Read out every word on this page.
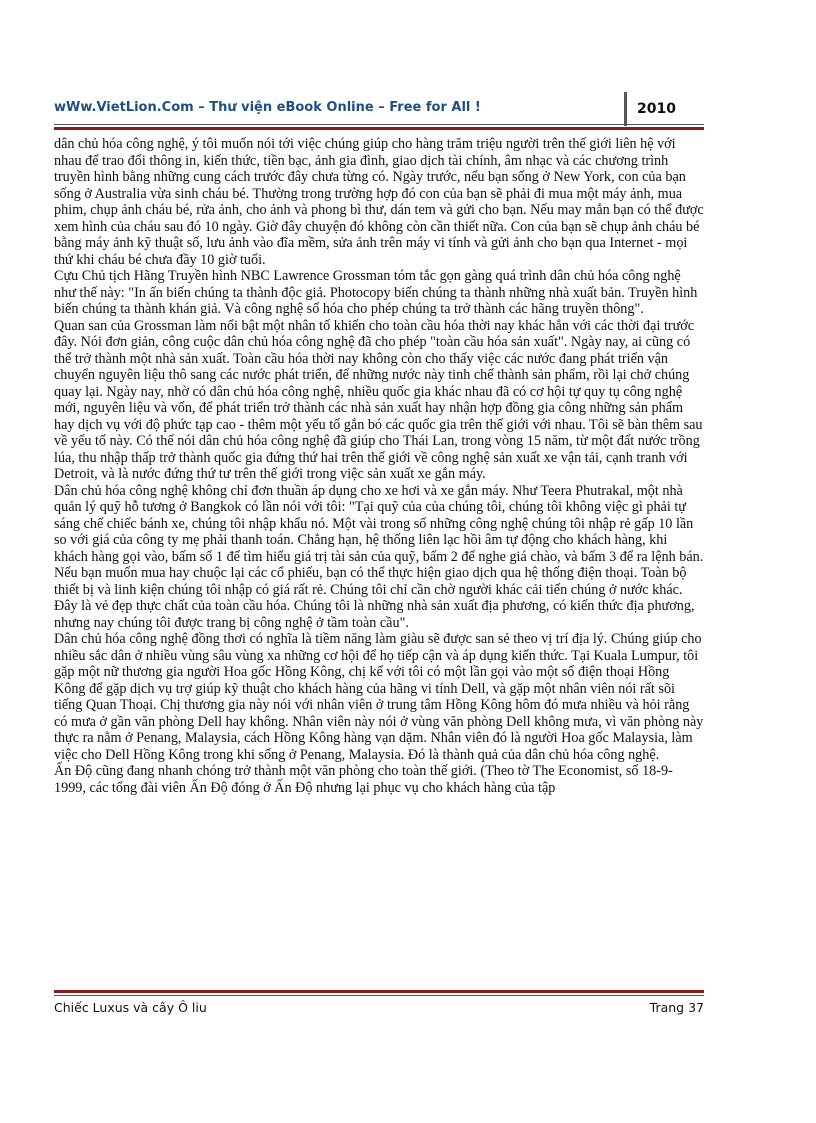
wWw.VietLion.Com – Thư viện eBook Online – Free for All !	2010

dân chủ hóa công nghệ, ý tôi muốn nói tới việc chúng giúp cho hàng trăm triệu người trên thế giới liên hệ với nhau để trao đổi thông in, kiến thức, tiền bạc, ảnh gia đình, giao dịch tài chính, âm nhạc và các chương trình truyền hình bằng những cung cách trước đây chưa từng có. Ngày trước, nếu bạn sống ở New York, con của bạn sống ở Australia vừa sinh cháu bé. Thường trong trường hợp đó con của bạn sẽ phải đi mua một máy ảnh, mua phim, chụp ảnh cháu bé, rửa ảnh, cho ảnh và phong bì thư, dán tem và gửi cho bạn. Nếu may mắn bạn có thể được xem hình của cháu sau đó 10 ngày. Giờ đây chuyện đó không còn cần thiết nữa. Con của bạn sẽ chụp ảnh cháu bé bằng máy ảnh kỹ thuật số, lưu ảnh vào đĩa mềm, sửa ảnh trên máy vi tính và gửi ảnh cho bạn qua Internet - mọi thứ khi cháu bé chưa đầy 10 giờ tuổi.

Cựu Chủ tịch Hãng Truyền hình NBC Lawrence Grossman tóm tắc gọn gàng quá trình dân chủ hóa công nghệ như thế này: "In ấn biến chúng ta thành độc giả. Photocopy biến chúng ta thành những nhà xuất bản. Truyền hình biến chúng ta thành khán giả. Và công nghệ số hóa cho phép chúng ta trở thành các hãng truyền thông".

Quan san của Grossman làm nổi bật một nhân tố khiến cho toàn cầu hóa thời nay khác hẳn với các thời đại trước đây. Nói đơn giản, công cuộc dân chủ hóa công nghệ đã cho phép "toàn cầu hóa sản xuất". Ngày nay, ai cũng có thể trở thành một nhà sản xuất. Toàn cầu hóa thời nay không còn cho thấy việc các nước đang phát triển vận chuyển nguyên liệu thô sang các nước phát triển, để những nước này tinh chế thành sản phẩm, rồi lại chở chúng quay lại. Ngày nay, nhờ có dân chủ hóa công nghệ, nhiều quốc gia khác nhau đã có cơ hội tự quy tụ công nghệ mới, nguyên liệu và vốn, để phát triển trở thành các nhà sản xuất hay nhận hợp đồng gia công những sản phẩm hay dịch vụ với độ phức tạp cao - thêm một yếu tố gắn bó các quốc gia trên thế giới với nhau. Tôi sẽ bàn thêm sau về yếu tố này. Có thể nói dân chủ hóa công nghệ đã giúp cho Thái Lan, trong vòng 15 năm, từ một đất nước trồng lúa, thu nhập thấp trở thành quốc gia đứng thứ hai trên thế giới về công nghệ sản xuất xe vận tải, cạnh tranh với Detroit, và là nước đứng thứ tư trên thế giới trong việc sản xuất xe gắn máy.

Dân chủ hóa công nghệ không chỉ đơn thuần áp dụng cho xe hơi và xe gắn máy. Như Teera Phutrakal, một nhà quản lý quỹ hỗ tương ở Bangkok có lần nói với tôi: "Tại quỹ của của chúng tôi, chúng tôi không việc gì phải tự sáng chế chiếc bánh xe, chúng tôi nhập khẩu nó. Một vài trong số những công nghệ chúng tôi nhập rẻ gấp 10 lần so với giá của công ty mẹ phải thanh toán. Chẳng hạn, hệ thống liên lạc hồi âm tự động cho khách hàng, khi khách hàng gọi vào, bấm số 1 để tìm hiểu giá trị tài sản của quỹ, bấm 2 để nghe giá chào, và bấm 3 để ra lệnh bán. Nếu bạn muốn mua hay chuộc lại các cổ phiếu, bạn có thể thực hiện giao dịch qua hệ thống điện thoại. Toàn bộ thiết bị và linh kiện chúng tôi nhập có giá rất rẻ. Chúng tôi chỉ cần chờ người khác cải tiến chúng ở nước khác. Đây là vẻ đẹp thực chất của toàn cầu hóa. Chúng tôi là những nhà sản xuất địa phương, có kiến thức địa phương, nhưng nay chúng tôi được trang bị công nghệ ở tầm toàn cầu".

Dân chủ hóa công nghệ đồng thơi có nghĩa là tiềm năng làm giàu sẽ được san sẻ theo vị trí địa lý. Chúng giúp cho nhiều sắc dân ở nhiều vùng sâu vùng xa những cơ hội để họ tiếp cận và áp dụng kiến thức. Tại Kuala Lumpur, tôi gặp một nữ thương gia người Hoa gốc Hồng Kông, chị kể với tôi có một lần gọi vào một số điện thoại Hồng Kông để gặp dịch vụ trợ giúp kỹ thuật cho khách hàng của hãng vi tính Dell, và gặp một nhân viên nói rất sõi tiếng Quan Thoại. Chị thương gia này nói với nhân viên ở trung tâm Hồng Kông hôm đó mưa nhiều và hỏi rằng có mưa ở gần văn phòng Dell hay không. Nhân viên này nói ở vùng văn phòng Dell không mưa, vì văn phòng này thực ra nằm ở Penang, Malaysia, cách Hồng Kông hàng vạn dặm. Nhân viên đó là người Hoa gốc Malaysia, làm việc cho Dell Hồng Kông trong khi sống ở Penang, Malaysia. Đó là thành quả của dân chủ hóa công nghệ.

Ấn Độ cũng đang nhanh chóng trở thành một văn phòng cho toàn thế giới. (Theo tờ The Economist, số 18-9-1999, các tổng đài viên Ấn Độ đóng ở Ấn Độ nhưng lại phục vụ cho khách hàng của tập

Chiếc Luxus và cây Ô liu	Trang 37
